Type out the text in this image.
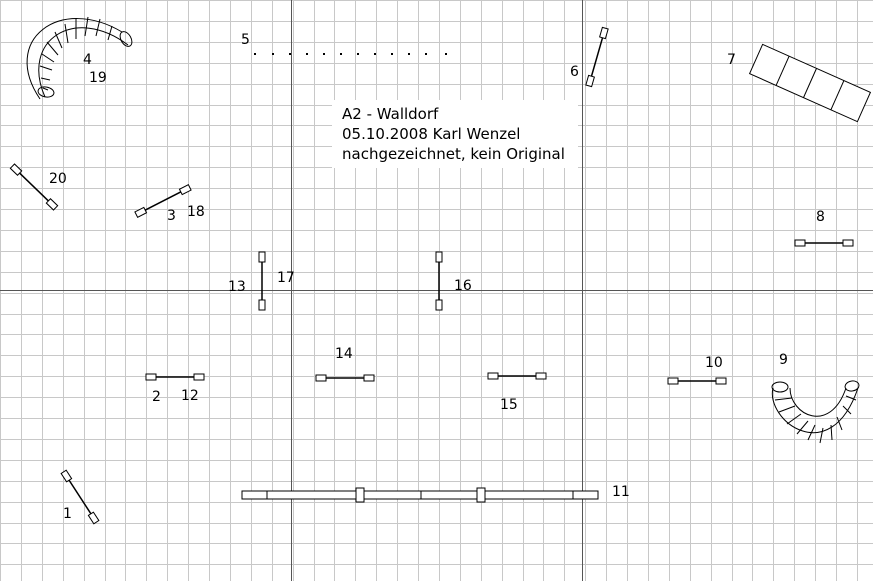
A2 - Walldorf
05.10.2008 Karl Wenzel
nachgezeichnet, kein Original
4
19
5
6
7
20
3 18	8
13
17	16
2 12
14
15
10	9
1
11
